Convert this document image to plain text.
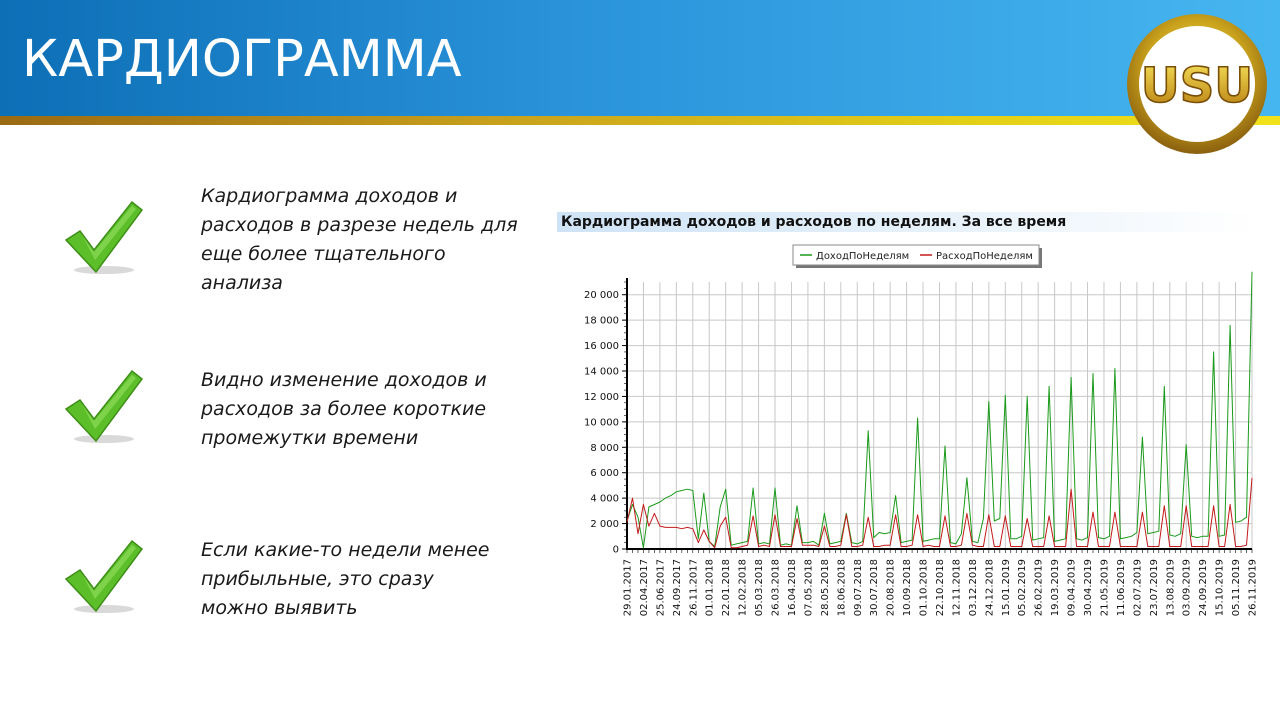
КАРДИОГРАММА	USU

Кардиограмма доходов и
расходов в разрезе недель для
еще более тщательного
анализа

Видно изменение доходов и
расходов за более короткие
промежутки времени

Если какие-то недели менее
прибыльные, это сразу
можно выявить

Кардиограмма доходов и расходов по неделям. За все время

ДоходПоНеделям	РасходПоНеделям
0
2 000
4 000
6 000
8 000
10 000
12 000
14 000
16 000
18 000
20 000
29.01.2017 02.04.2017 25.06.2017 24.09.2017 26.11.2017 01.01.2018 22.01.2018 12.02.2018 05.03.2018 26.03.2018 16.04.2018 07.05.2018 28.05.2018 18.06.2018 09.07.2018 30.07.2018 20.08.2018 10.09.2018 01.10.2018 22.10.2018 12.11.2018 03.12.2018 24.12.2018 15.01.2019 05.02.2019 26.02.2019 19.03.2019 09.04.2019 30.04.2019 21.05.2019 11.06.2019 02.07.2019 23.07.2019 13.08.2019 03.09.2019 24.09.2019 15.10.2019 05.11.2019 26.11.2019
